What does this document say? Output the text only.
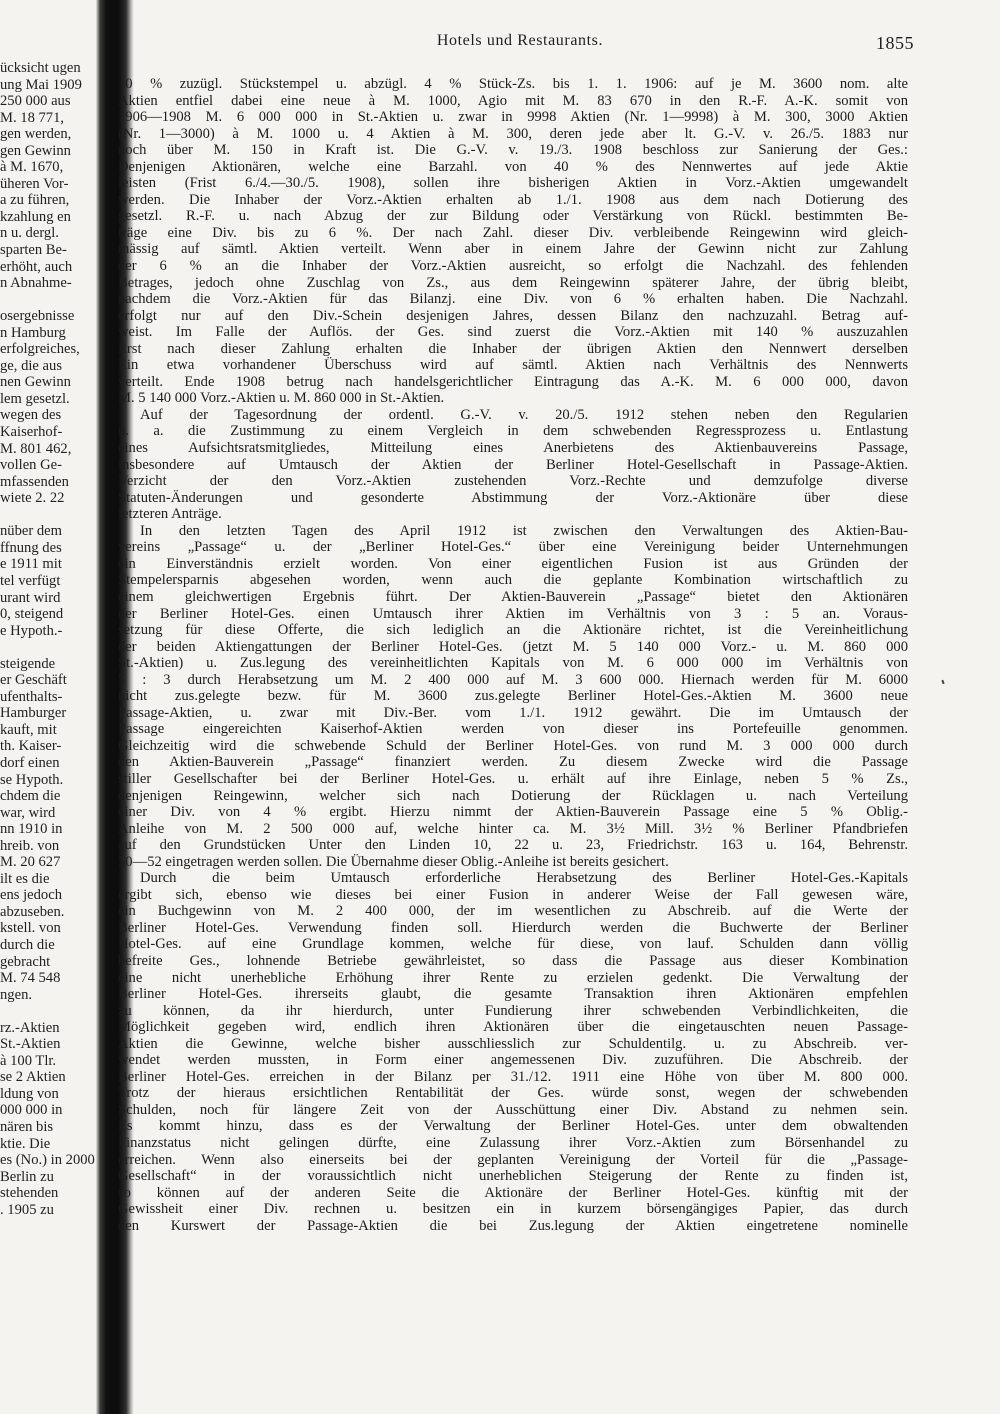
ücksicht ugen
ung Mai 1909
250 000 aus
M. 18 771,
gen werden,
gen Gewinn
à M. 1670,
üheren Vor-
a zu führen,
kzahlung en
n u. dergl.
sparten Be-
erhöht, auch
n Abnahme-
osergebnisse
n Hamburg
erfolgreiches,
ge, die aus
nen Gewinn
lem gesetzl.
wegen des
Kaiserhof-
M. 801 462,
vollen Ge-
mfassenden
wiete 2. 22
nüber dem
ffnung des
e 1911 mit
tel verfügt
urant wird
0, steigend
e Hypoth.-
steigende
er Geschäft
ufenthalts-
Hamburger
kauft, mit
th. Kaiser-
dorf einen
se Hypoth.
chdem die
war, wird
nn 1910 in
hreib. von
M. 20 627
ilt es die
ens jedoch
abzuseben.
kstell. von
durch die
gebracht
M. 74 548
ngen.
rz.-Aktien
St.-Aktien
à 100 Tlr.
se 2 Aktien
ldung von
000 000 in
nären bis
ktie. Die
es (No.) in 2000
Berlin zu
stehenden
. 1905 zu
Hotels und Restaurants.	1855
10 % zuzügl. Stückstempel u. abzügl. 4 % Stück-Zs. bis 1. 1. 1906: auf je M. 3600 nom. alte
Aktien entfiel dabei eine neue à M. 1000, Agio mit M. 83 670 in den R.-F. A.-K. somit von
1906—1908 M. 6 000 000 in St.-Aktien u. zwar in 9998 Aktien (Nr. 1—9998) à M. 300, 3000 Aktien
(Nr. 1—3000) à M. 1000 u. 4 Aktien à M. 300, deren jede aber lt. G.-V. v. 26./5. 1883 nur
noch über M. 150 in Kraft ist. Die G.-V. v. 19./3. 1908 beschloss zur Sanierung der Ges.:
Denjenigen Aktionären, welche eine Barzahl. von 40 % des Nennwertes auf jede Aktie
leisten (Frist 6./4.—30./5. 1908), sollen ihre bisherigen Aktien in Vorz.-Aktien umgewandelt
werden. Die Inhaber der Vorz.-Aktien erhalten ab 1./1. 1908 aus dem nach Dotierung des
gesetzl. R.-F. u. nach Abzug der zur Bildung oder Verstärkung von Rückl. bestimmten Be-
träge eine Div. bis zu 6 %. Der nach Zahl. dieser Div. verbleibende Reingewinn wird gleich-
mässig auf sämtl. Aktien verteilt. Wenn aber in einem Jahre der Gewinn nicht zur Zahlung
der 6 % an die Inhaber der Vorz.-Aktien ausreicht, so erfolgt die Nachzahl. des fehlenden
Betrages, jedoch ohne Zuschlag von Zs., aus dem Reingewinn späterer Jahre, der übrig bleibt,
nachdem die Vorz.-Aktien für das Bilanzj. eine Div. von 6 % erhalten haben. Die Nachzahl.
erfolgt nur auf den Div.-Schein desjenigen Jahres, dessen Bilanz den nachzuzahl. Betrag auf-
weist. Im Falle der Auflös. der Ges. sind zuerst die Vorz.-Aktien mit 140 % auszuzahlen
Erst nach dieser Zahlung erhalten die Inhaber der übrigen Aktien den Nennwert derselben
Ein etwa vorhandener Überschuss wird auf sämtl. Aktien nach Verhältnis des Nennwerts
verteilt. Ende 1908 betrug nach handelsgerichtlicher Eintragung das A.-K. M. 6 000 000, davon
M. 5 140 000 Vorz.-Aktien u. M. 860 000 in St.-Aktien.
Auf der Tagesordnung der ordentl. G.-V. v. 20./5. 1912 stehen neben den Regularien
u. a. die Zustimmung zu einem Vergleich in dem schwebenden Regressprozess u. Entlastung
eines Aufsichtsratsmitgliedes, Mitteilung eines Anerbietens des Aktienbauvereins Passage,
insbesondere auf Umtausch der Aktien der Berliner Hotel-Gesellschaft in Passage-Aktien.
Verzicht der den Vorz.-Aktien zustehenden Vorz.-Rechte und demzufolge diverse
Statuten-Änderungen und gesonderte Abstimmung der Vorz.-Aktionäre über diese
letzteren Anträge.
In den letzten Tagen des April 1912 ist zwischen den Verwaltungen des Aktien-Bau-
vereins „Passage“ u. der „Berliner Hotel-Ges.“ über eine Vereinigung beider Unternehmungen
ein Einverständnis erzielt worden. Von einer eigentlichen Fusion ist aus Gründen der
Stempelersparnis abgesehen worden, wenn auch die geplante Kombination wirtschaftlich zu
einem gleichwertigen Ergebnis führt. Der Aktien-Bauverein „Passage“ bietet den Aktionären
der Berliner Hotel-Ges. einen Umtausch ihrer Aktien im Verhältnis von 3 : 5 an. Voraus-
setzung für diese Offerte, die sich lediglich an die Aktionäre richtet, ist die Vereinheitlichung
der beiden Aktiengattungen der Berliner Hotel-Ges. (jetzt M. 5 140 000 Vorz.- u. M. 860 000
St.-Aktien) u. Zus.legung des vereinheitlichten Kapitals von M. 6 000 000 im Verhältnis von
5 : 3 durch Herabsetzung um M. 2 400 000 auf M. 3 600 000. Hiernach werden für M. 6000
nicht zus.gelegte bezw. für M. 3600 zus.gelegte Berliner Hotel-Ges.-Aktien M. 3600 neue
Passage-Aktien, u. zwar mit Div.-Ber. vom 1./1. 1912 gewährt. Die im Umtausch der
Passage eingereichten Kaiserhof-Aktien werden von dieser ins Portefeuille genommen.
Gleichzeitig wird die schwebende Schuld der Berliner Hotel-Ges. von rund M. 3 000 000 durch
den Aktien-Bauverein „Passage“ finanziert werden. Zu diesem Zwecke wird die Passage
stiller Gesellschafter bei der Berliner Hotel-Ges. u. erhält auf ihre Einlage, neben 5 % Zs.,
denjenigen Reingewinn, welcher sich nach Dotierung der Rücklagen u. nach Verteilung
einer Div. von 4 % ergibt. Hierzu nimmt der Aktien-Bauverein Passage eine 5 % Oblig.-
Anleihe von M. 2 500 000 auf, welche hinter ca. M. 3½ Mill. 3½ % Berliner Pfandbriefen
auf den Grundstücken Unter den Linden 10, 22 u. 23, Friedrichstr. 163 u. 164, Behrenstr.
50—52 eingetragen werden sollen. Die Übernahme dieser Oblig.-Anleihe ist bereits gesichert.
Durch die beim Umtausch erforderliche Herabsetzung des Berliner Hotel-Ges.-Kapitals
ergibt sich, ebenso wie dieses bei einer Fusion in anderer Weise der Fall gewesen wäre,
ein Buchgewinn von M. 2 400 000, der im wesentlichen zu Abschreib. auf die Werte der
Berliner Hotel-Ges. Verwendung finden soll. Hierdurch werden die Buchwerte der Berliner
Hotel-Ges. auf eine Grundlage kommen, welche für diese, von lauf. Schulden dann völlig
befreite Ges., lohnende Betriebe gewährleistet, so dass die Passage aus dieser Kombination
eine nicht unerhebliche Erhöhung ihrer Rente zu erzielen gedenkt. Die Verwaltung der
Berliner Hotel-Ges. ihrerseits glaubt, die gesamte Transaktion ihren Aktionären empfehlen
zu können, da ihr hierdurch, unter Fundierung ihrer schwebenden Verbindlichkeiten, die
Möglichkeit gegeben wird, endlich ihren Aktionären über die eingetauschten neuen Passage-
Aktien die Gewinne, welche bisher ausschliesslich zur Schuldentilg. u. zu Abschreib. ver-
wendet werden mussten, in Form einer angemessenen Div. zuzuführen. Die Abschreib. der
Berliner Hotel-Ges. erreichen in der Bilanz per 31./12. 1911 eine Höhe von über M. 800 000.
Trotz der hieraus ersichtlichen Rentabilität der Ges. würde sonst, wegen der schwebenden
Schulden, noch für längere Zeit von der Ausschüttung einer Div. Abstand zu nehmen sein.
Es kommt hinzu, dass es der Verwaltung der Berliner Hotel-Ges. unter dem obwaltenden
Finanzstatus nicht gelingen dürfte, eine Zulassung ihrer Vorz.-Aktien zum Börsenhandel zu
erreichen. Wenn also einerseits bei der geplanten Vereinigung der Vorteil für die „Passage-
Gesellschaft“ in der voraussichtlich nicht unerheblichen Steigerung der Rente zu finden ist,
so können auf der anderen Seite die Aktionäre der Berliner Hotel-Ges. künftig mit der
Gewissheit einer Div. rechnen u. besitzen ein in kurzem börsengängiges Papier, das durch
den Kurswert der Passage-Aktien die bei Zus.legung der Aktien eingetretene nominelle
